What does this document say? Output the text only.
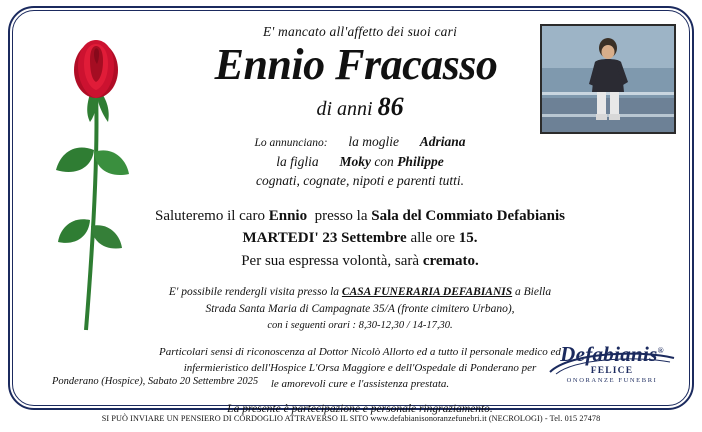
E' mancato all'affetto dei suoi cari
Ennio Fracasso
di anni 86
Lo annunciano: la moglie Adriana
la figlia Moky con Philippe
cognati, cognate, nipoti e parenti tutti.
Saluteremo il caro Ennio presso la Sala del Commiato Defabianis
MARTEDI' 23 Settembre alle ore 15.
Per sua espressa volontà, sarà cremato.
E' possibile rendergli visita presso la CASA FUNERARIA DEFABIANIS a Biella
Strada Santa Maria di Campagnate 35/A (fronte cimitero Urbano),
con i seguenti orari : 8,30-12,30 / 14-17,30.
Particolari sensi di riconoscenza al Dottor Nicolò Allorto ed a tutto il personale medico ed
infermieristico dell'Hospice L'Orsa Maggiore e dell'Ospedale di Ponderano per
le amorevoli cure e l'assistenza prestata.
La presente è partecipazione e personale ringraziamento.
Ponderano (Hospice), Sabato 20 Settembre 2025
Defabianis®
FELICE
ONORANZE FUNEBRI
SI PUÒ INVIARE UN PENSIERO DI CORDOGLIO ATTRAVERSO IL SITO www.defabianisonoranzefunebri.it (NECROLOGI) - Tel. 015 27478
